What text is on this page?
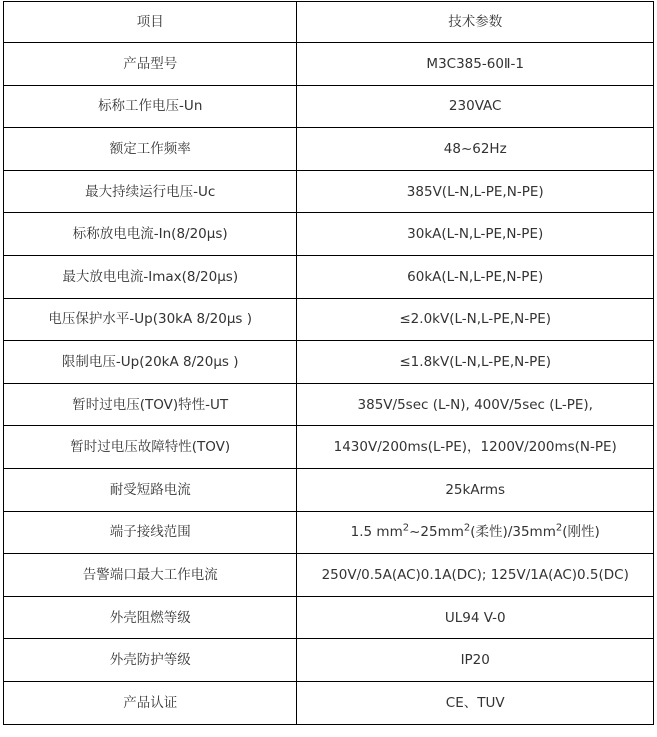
项目	技术参数
产品型号	M3C385-60Ⅱ-1
标称工作电压-Un	230VAC
额定工作频率	48~62Hz
最大持续运行电压-Uc	385V(L-N,L-PE,N-PE)
标称放电电流-In(8/20μs)	30kA(L-N,L-PE,N-PE)
最大放电电流-Imax(8/20μs)	60kA(L-N,L-PE,N-PE)
电压保护水平-Up(30kA 8/20μs )	≤2.0kV(L-N,L-PE,N-PE)
限制电压-Up(20kA 8/20μs )	≤1.8kV(L-N,L-PE,N-PE)
暂时过电压(TOV)特性-UT	385V/5sec (L-N), 400V/5sec (L-PE),
暂时过电压故障特性(TOV)	1430V/200ms(L-PE)，1200V/200ms(N-PE)
耐受短路电流	25kArms
端子接线范围	1.5 $mm^2\sim 25mm^2$(柔性)$/35mm^2$(刚性)
告警端口最大工作电流	250V/0.5A(AC)0.1A(DC); 125V/1A(AC)0.5(DC)
外壳阻燃等级	UL94 V-0
外壳防护等级	IP20
产品认证	CE、TUV
